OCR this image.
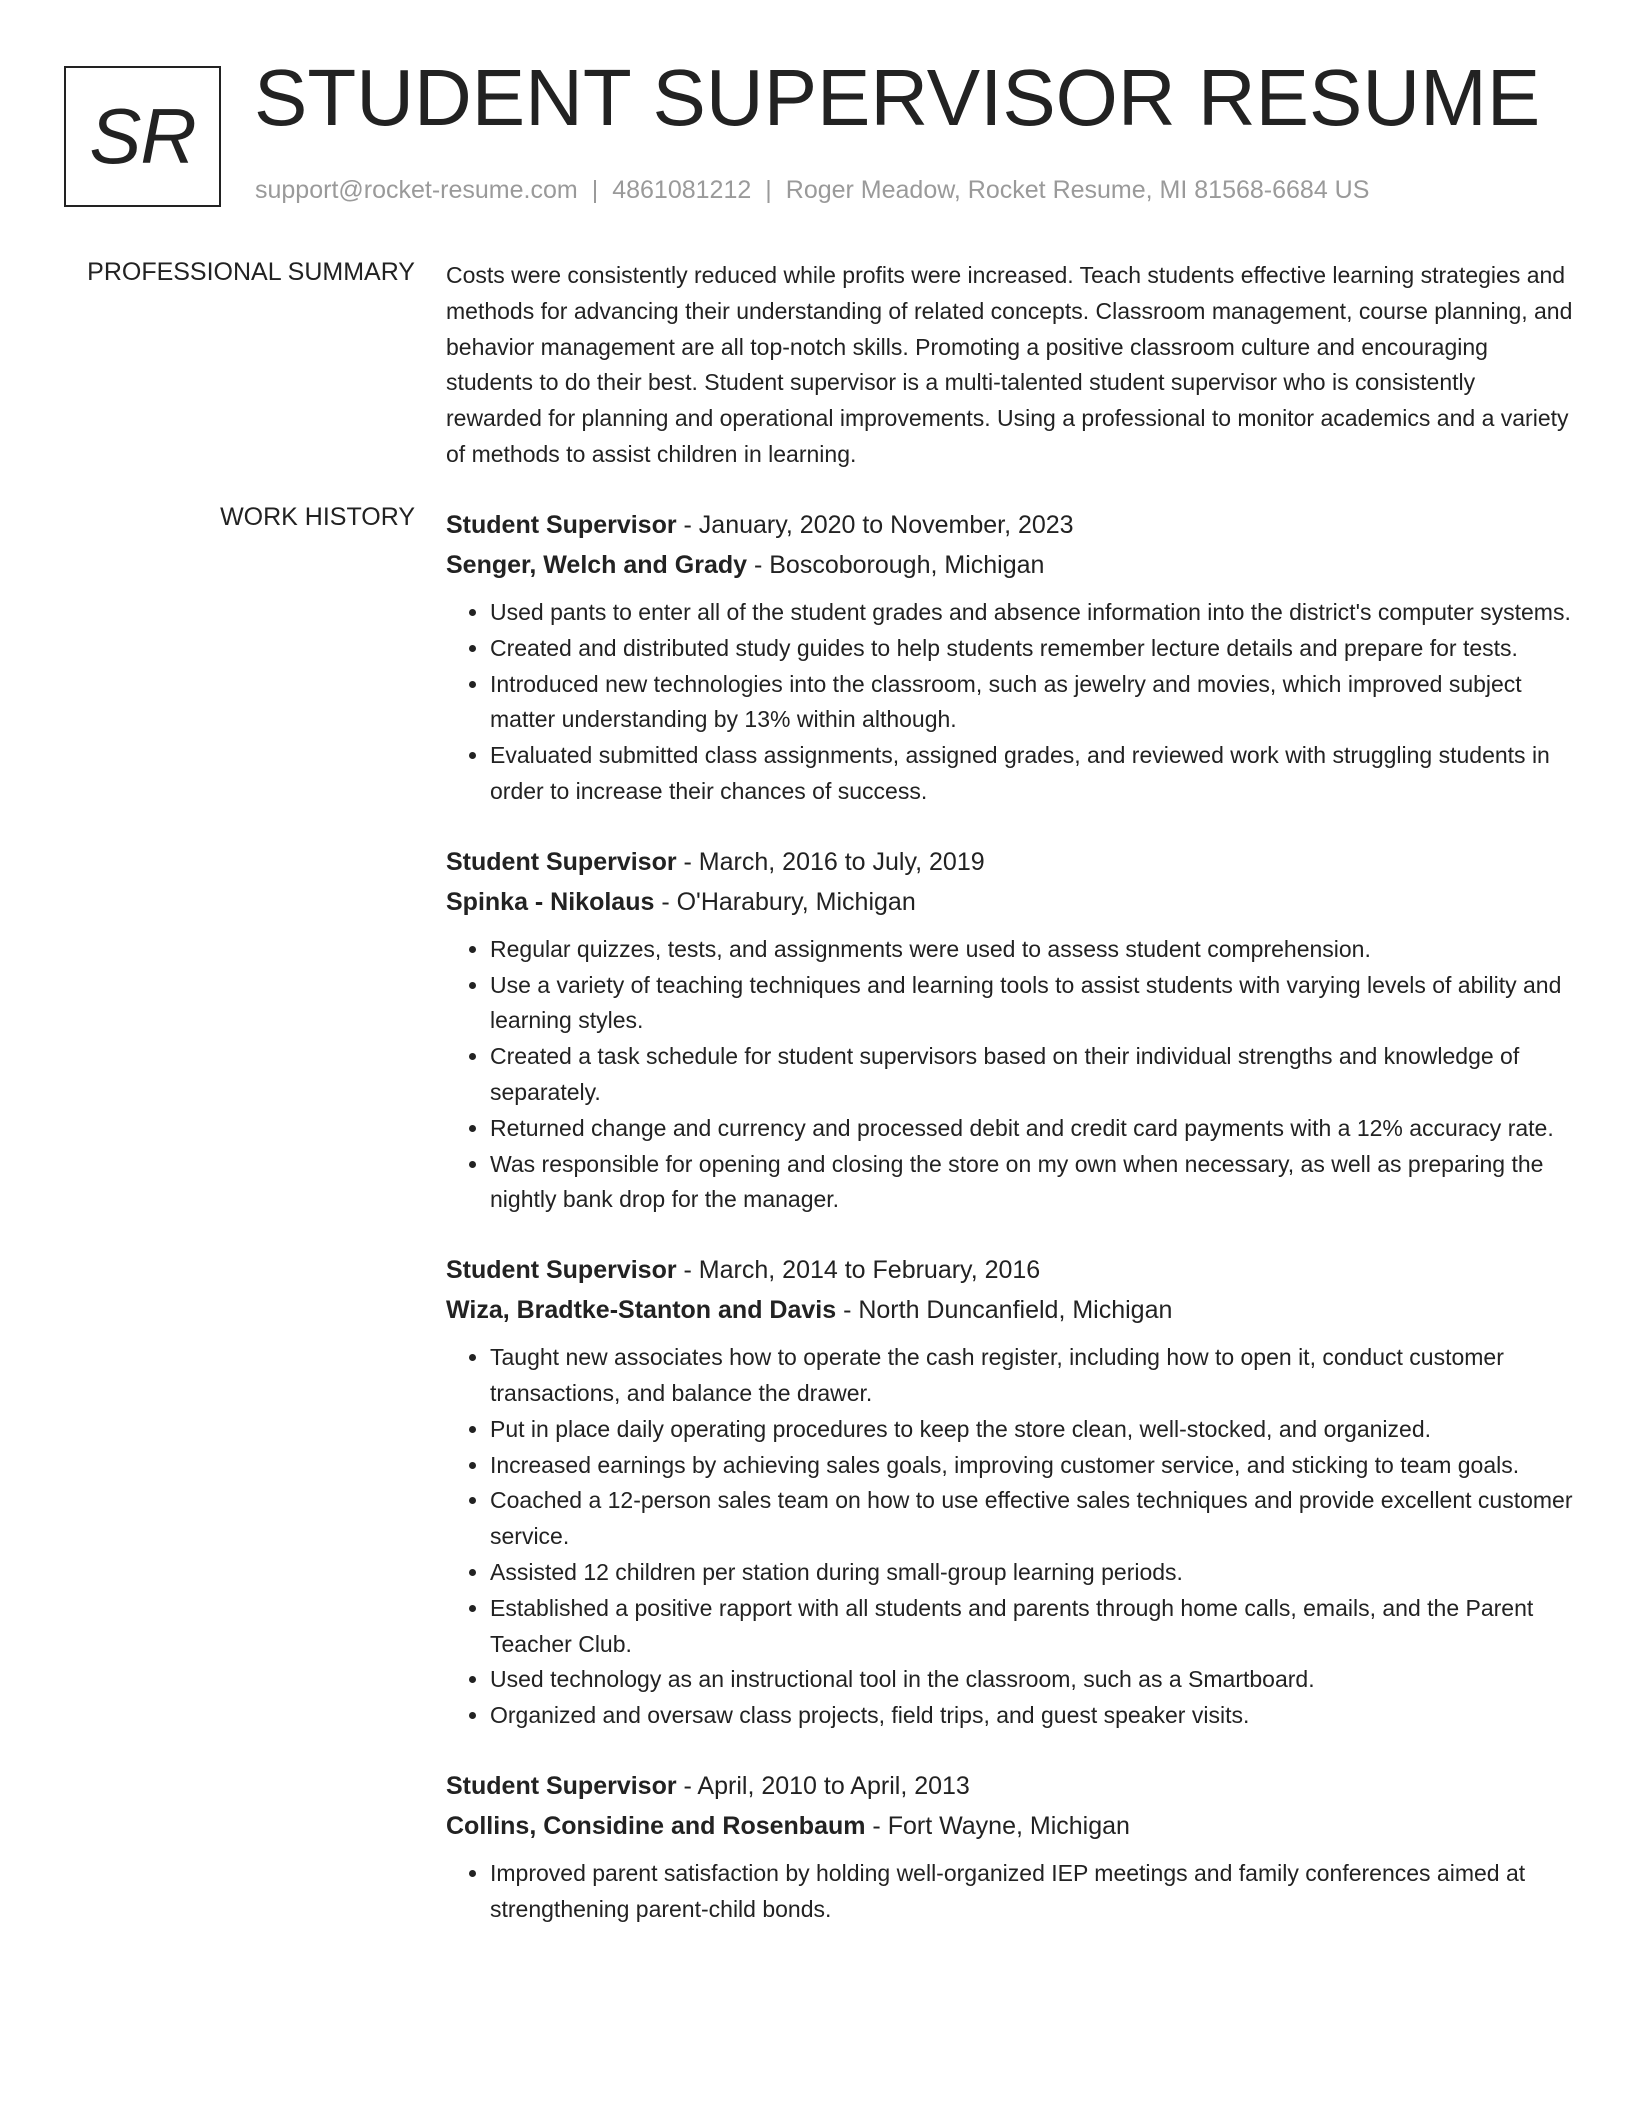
SR STUDENT SUPERVISOR RESUME
support@rocket-resume.com | 4861081212 | Roger Meadow, Rocket Resume, MI 81568-6684 US
PROFESSIONAL SUMMARY Costs were consistently reduced while profits were increased. Teach students effective learning strategies and methods for advancing their understanding of related concepts. Classroom management, course planning, and behavior management are all top-notch skills. Promoting a positive classroom culture and encouraging students to do their best. Student supervisor is a multi-talented student supervisor who is consistently rewarded for planning and operational improvements. Using a professional to monitor academics and a variety of methods to assist children in learning.
WORK HISTORY Student Supervisor - January, 2020 to November, 2023
Senger, Welch and Grady - Boscoborough, Michigan
• Used pants to enter all of the student grades and absence information into the district's computer systems.
• Created and distributed study guides to help students remember lecture details and prepare for tests.
• Introduced new technologies into the classroom, such as jewelry and movies, which improved subject matter understanding by 13% within although.
• Evaluated submitted class assignments, assigned grades, and reviewed work with struggling students in order to increase their chances of success.
Student Supervisor - March, 2016 to July, 2019
Spinka - Nikolaus - O'Harabury, Michigan
• Regular quizzes, tests, and assignments were used to assess student comprehension.
• Use a variety of teaching techniques and learning tools to assist students with varying levels of ability and learning styles.
• Created a task schedule for student supervisors based on their individual strengths and knowledge of separately.
• Returned change and currency and processed debit and credit card payments with a 12% accuracy rate.
• Was responsible for opening and closing the store on my own when necessary, as well as preparing the nightly bank drop for the manager.
Student Supervisor - March, 2014 to February, 2016
Wiza, Bradtke-Stanton and Davis - North Duncanfield, Michigan
• Taught new associates how to operate the cash register, including how to open it, conduct customer transactions, and balance the drawer.
• Put in place daily operating procedures to keep the store clean, well-stocked, and organized.
• Increased earnings by achieving sales goals, improving customer service, and sticking to team goals.
• Coached a 12-person sales team on how to use effective sales techniques and provide excellent customer service.
• Assisted 12 children per station during small-group learning periods.
• Established a positive rapport with all students and parents through home calls, emails, and the Parent Teacher Club.
• Used technology as an instructional tool in the classroom, such as a Smartboard.
• Organized and oversaw class projects, field trips, and guest speaker visits.
Student Supervisor - April, 2010 to April, 2013
Collins, Considine and Rosenbaum - Fort Wayne, Michigan
• Improved parent satisfaction by holding well-organized IEP meetings and family conferences aimed at strengthening parent-child bonds.
